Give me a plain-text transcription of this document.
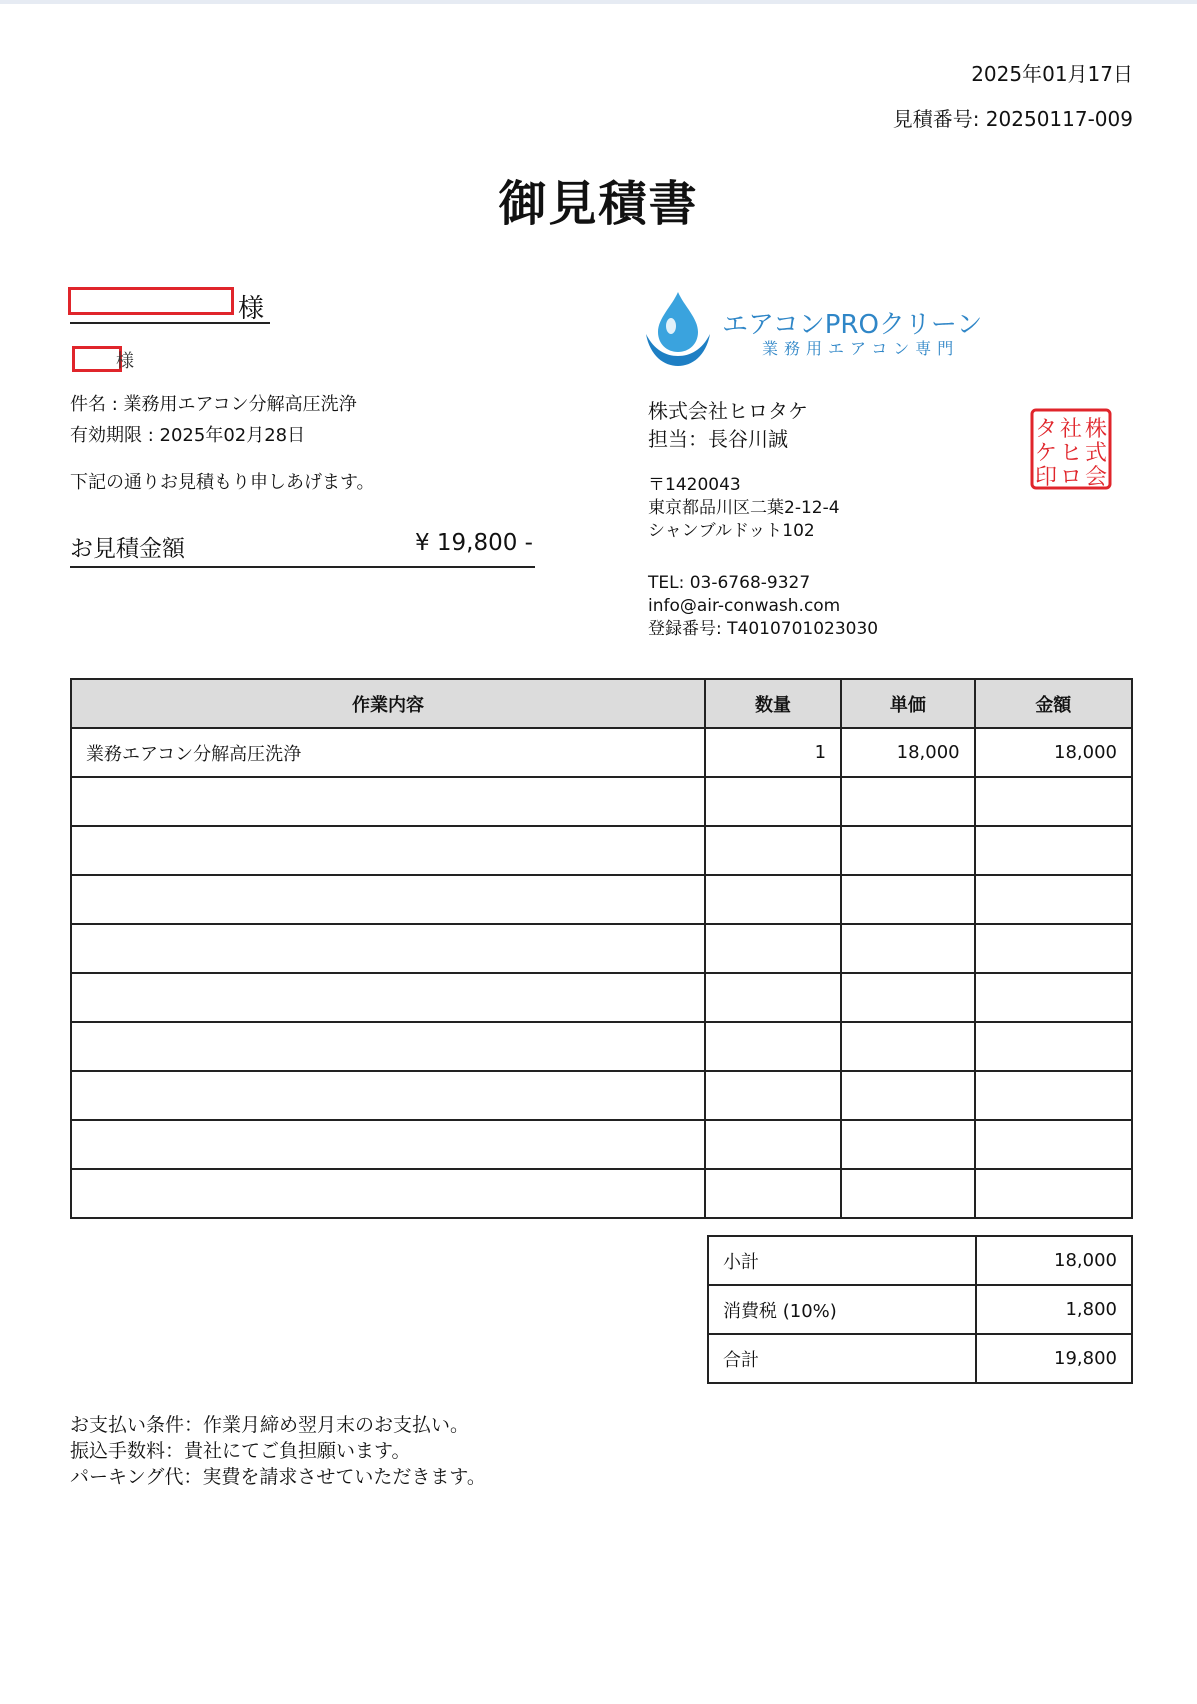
2025年01月17日
見積番号: 20250117-009
御見積書
様
様
件名 : 業務用エアコン分解高圧洗浄
有効期限 : 2025年02月28日
下記の通りお見積もり申しあげます。
お見積金額	¥ 19,800 -
エアコンPROクリーン
業務用エアコン専門
株式会社ヒロタケ
担当：長谷川誠
〒1420043
東京都品川区二葉2-12-4
シャンブルドット102
TEL: 03-6768-9327
info@air-conwash.com
登録番号: T4010701023030
株
式
会
社
ヒ
ロ
タ
ケ
印
作業内容	数量	単価	金額
業務エアコン分解高圧洗浄	1	18,000	18,000

小計	18,000
消費税 (10%)	1,800
合計	19,800
お支払い条件：作業月締め翌月末のお支払い。
振込手数料：貴社にてご負担願います。
パーキング代：実費を請求させていただきます。
